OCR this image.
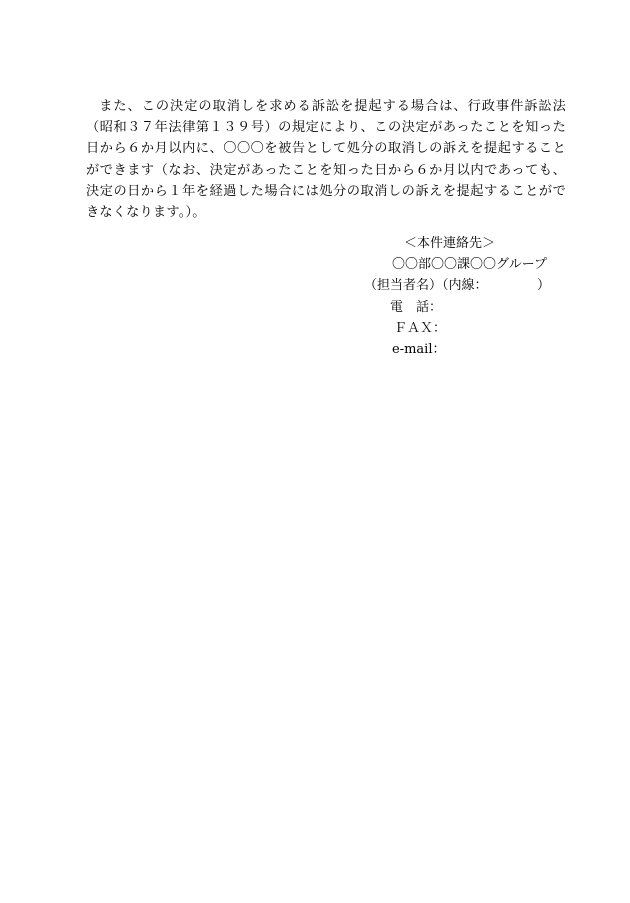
また、この決定の取消しを求める訴訟を提起する場合は、行政事件訴訟法（昭和３７年法律第１３９号）の規定により、この決定があったことを知った日から６か月以内に、〇〇〇を被告として処分の取消しの訴えを提起することができます（なお、決定があったことを知った日から６か月以内であっても、決定の日から１年を経過した場合には処分の取消しの訴えを提起することができなくなります。）。

＜本件連絡先＞
〇〇部〇〇課〇〇グループ
（担当者名）（内線：	）
電　話：
ＦＡＸ：
e-mail：
